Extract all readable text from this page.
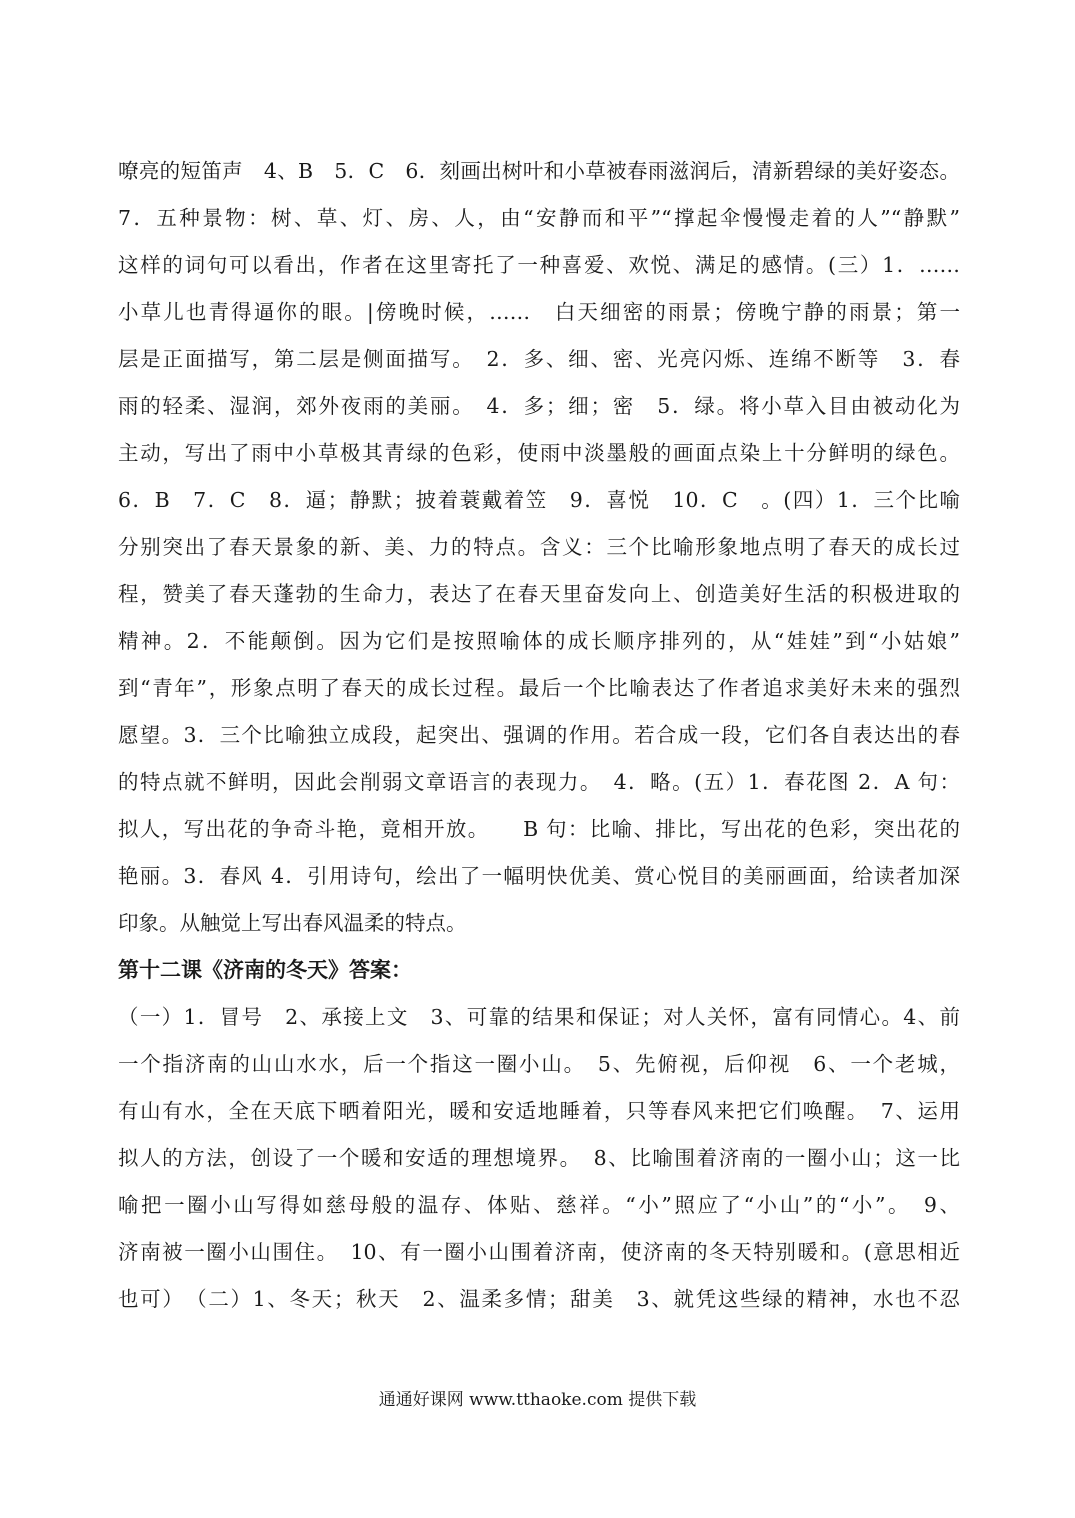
嘹亮的短笛声　4、B　5．C　6．刻画出树叶和小草被春雨滋润后，清新碧绿的美好姿态。
7．五种景物：树、草、灯、房、人，由“安静而和平”“撑起伞慢慢走着的人”“静默”
这样的词句可以看出，作者在这里寄托了一种喜爱、欢悦、满足的感情。(三）1．……
小草儿也青得逼你的眼。|傍晚时候，……　白天细密的雨景；傍晚宁静的雨景；第一
层是正面描写，第二层是侧面描写。　2．多、细、密、光亮闪烁、连绵不断等　3．春
雨的轻柔、湿润，郊外夜雨的美丽。　4．多；细；密　5．绿。将小草入目由被动化为
主动，写出了雨中小草极其青绿的色彩，使雨中淡墨般的画面点染上十分鲜明的绿色。
6．B　7．C　8．逼；静默；披着蓑戴着笠　9．喜悦　10．C　。(四）1．三个比喻
分别突出了春天景象的新、美、力的特点。含义：三个比喻形象地点明了春天的成长过
程，赞美了春天蓬勃的生命力，表达了在春天里奋发向上、创造美好生活的积极进取的
精神。2．不能颠倒。因为它们是按照喻体的成长顺序排列的，从“娃娃”到“小姑娘”
到“青年”，形象点明了春天的成长过程。最后一个比喻表达了作者追求美好未来的强烈
愿望。3．三个比喻独立成段，起突出、强调的作用。若合成一段，它们各自表达出的春
的特点就不鲜明，因此会削弱文章语言的表现力。　4．略。(五）1．春花图 2．A 句：
拟人，写出花的争奇斗艳，竟相开放。　　B 句：比喻、排比，写出花的色彩，突出花的
艳丽。3．春风 4．引用诗句，绘出了一幅明快优美、赏心悦目的美丽画面，给读者加深
印象。从触觉上写出春风温柔的特点。
第十二课《济南的冬天》答案：
（一）1．冒号　2、承接上文　3、可靠的结果和保证；对人关怀，富有同情心。4、前
一个指济南的山山水水，后一个指这一圈小山。　5、先俯视，后仰视　6、一个老城，
有山有水，全在天底下晒着阳光，暖和安适地睡着，只等春风来把它们唤醒。　7、运用
拟人的方法，创设了一个暖和安适的理想境界。　8、比喻围着济南的一圈小山；这一比
喻把一圈小山写得如慈母般的温存、体贴、慈祥。“小”照应了“小山”的“小”。　9、
济南被一圈小山围住。　10、有一圈小山围着济南，使济南的冬天特别暖和。(意思相近
也可）　（二）1、冬天；秋天　2、温柔多情；甜美　3、就凭这些绿的精神，水也不忍
通通好课网 www.tthaoke.com 提供下载
